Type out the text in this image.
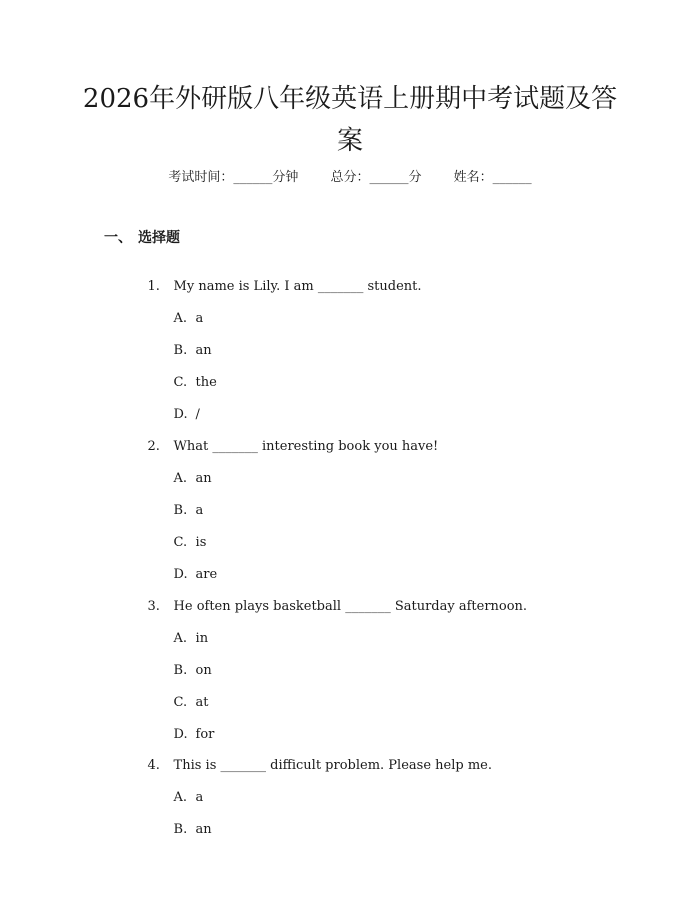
2026年外研版八年级英语上册期中考试题及答案
考试时间：______分钟 总分：______分 姓名：______
一、 选择题

1. My name is Lily. I am _______ student.

A. a

B. an

C. the

D. /

2. What _______ interesting book you have!

A. an

B. a

C. is

D. are

3. He often plays basketball _______ Saturday afternoon.

A. in

B. on

C. at

D. for

4. This is _______ difficult problem. Please help me.

A. a

B. an
